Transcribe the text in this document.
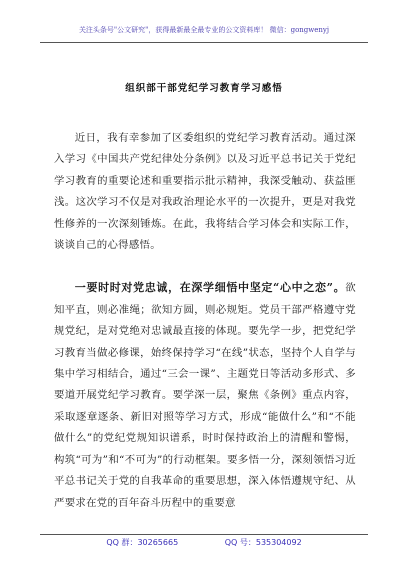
关注头条号"公文研究"，获得最新最全最专业的公文资料库！ 微信：gongwenyj
组织部干部党纪学习教育学习感悟

近日，我有幸参加了区委组织的党纪学习教育活动。通过深入学习《中国共产党纪律处分条例》以及习近平总书记关于党纪学习教育的重要论述和重要指示批示精神，我深受触动、获益匪浅。这次学习不仅是对我政治理论水平的一次提升，更是对我党性修养的一次深刻锤炼。在此，我将结合学习体会和实际工作，谈谈自己的心得感悟。

一要时时对党忠诚，在深学细悟中坚定“心中之恋”。欲知平直，则必准绳；欲知方圆，则必规矩。党员干部严格遵守党规党纪，是对党绝对忠诚最直接的体现。要先学一步，把党纪学习教育当做必修课，始终保持学习“在线”状态，坚持个人自学与集中学习相结合，通过“三会一课”、主题党日等活动多形式、多要道开展党纪学习教育。要学深一层，聚焦《条例》重点内容，采取逐章逐条、新旧对照等学习方式，形成“能做什么”和“不能做什么”的党纪党规知识谱系，时时保持政治上的清醒和警惕，构筑“可为”和“不可为”的行动框架。要多悟一分，深刻领悟习近平总书记关于党的自我革命的重要思想，深入体悟遵规守纪、从严要求在党的百年奋斗历程中的重要意

QQ 群：30265665	QQ 号：535304092
